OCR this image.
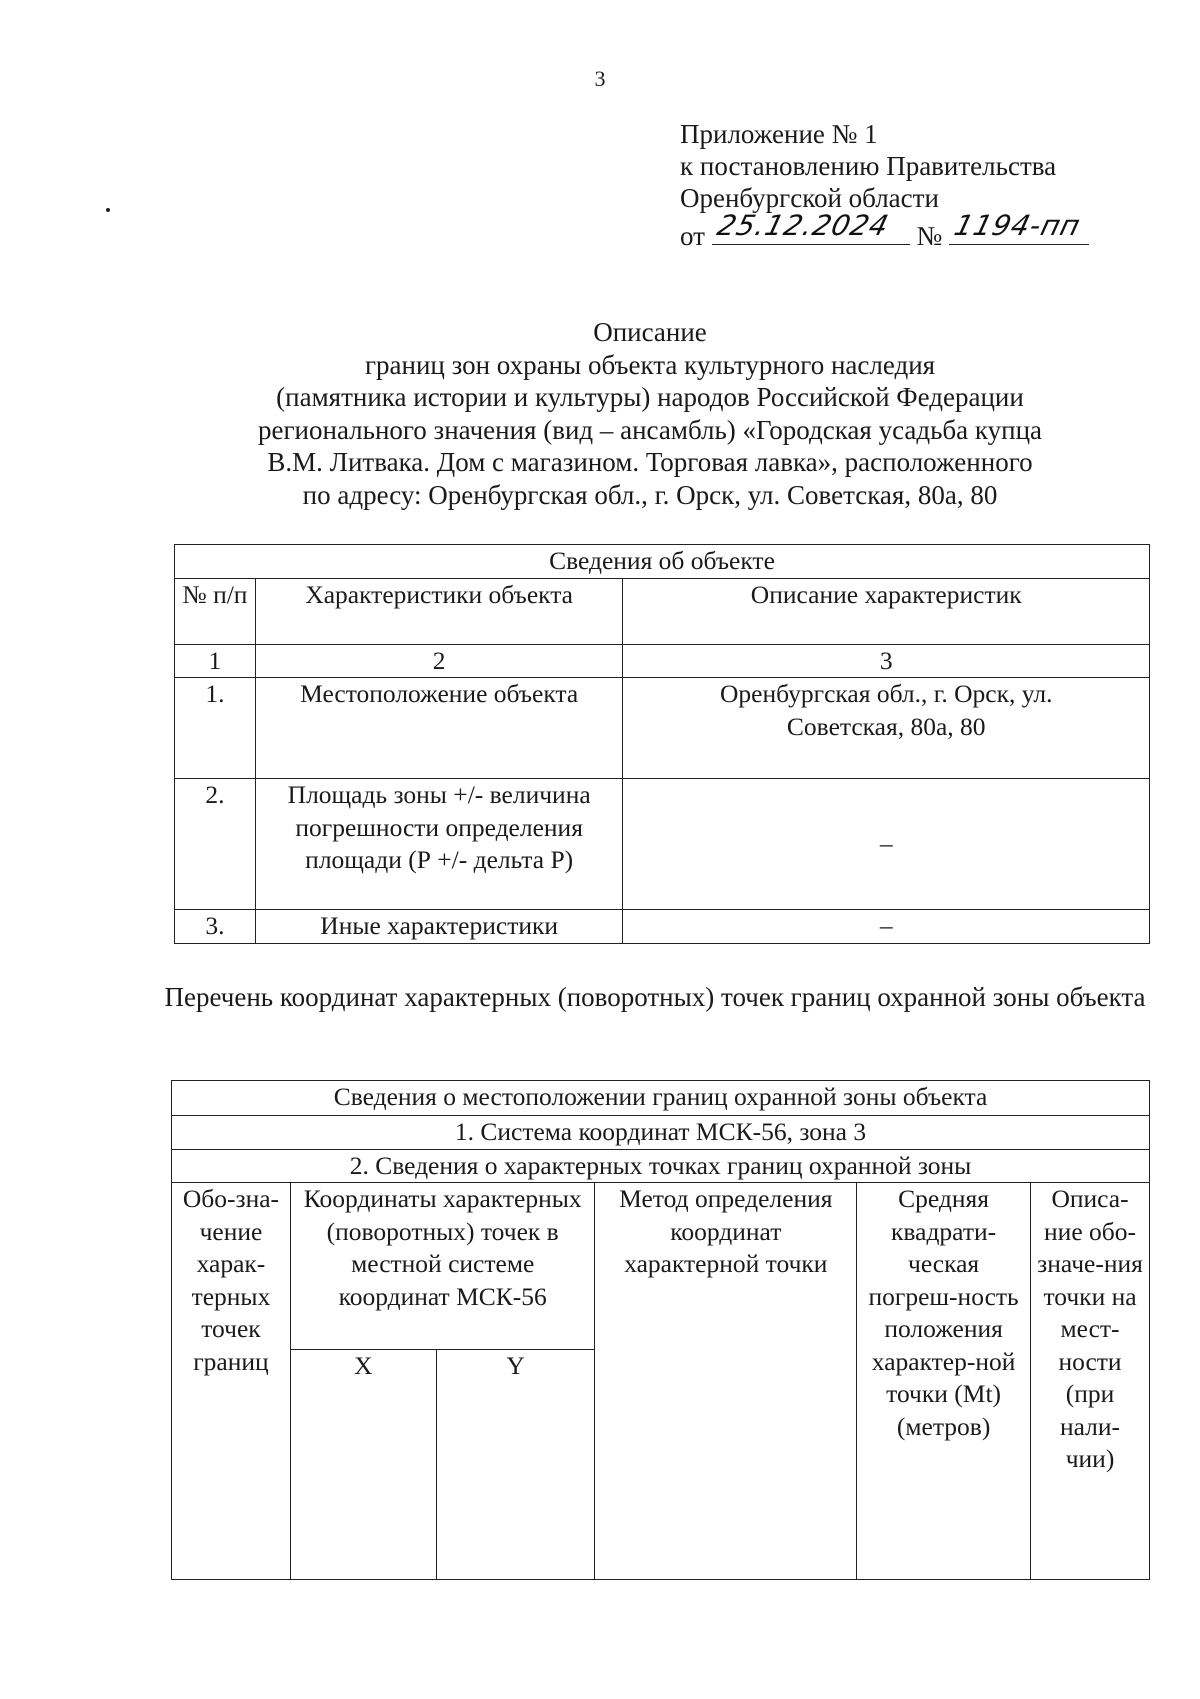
3
Приложение № 1
к постановлению Правительства
Оренбургской области
от 25.12.2024 № 1194-пп
Описание
границ зон охраны объекта культурного наследия
(памятника истории и культуры) народов Российской Федерации
регионального значения (вид – ансамбль) «Городская усадьба купца
В.М. Литвака. Дом с магазином. Торговая лавка», расположенного
по адресу: Оренбургская обл., г. Орск, ул. Советская, 80а, 80
Сведения об объекте		
№ п/п	Характеристики объекта	Описание характеристик
1	2	3
1.	Местоположение объекта	Оренбургская обл., г. Орск, ул. Советская, 80а, 80
2.	Площадь зоны +/- величина погрешности определения площади (Р +/- дельта Р)	–
3.	Иные характеристики	–
Перечень координат характерных (поворотных) точек границ охранной зоны объекта
Сведения о местоположении границ охранной зоны объекта					
1. Система координат МСК-56, зона 3					
2. Сведения о характерных точках границ охранной зоны					
Обо-зна-чение харак-терных точек границ	Координаты характерных (поворотных) точек в местной системе координат МСК-56		Метод определения координат характерной точки	Средняя квадрати-ческая погреш-ность положения характер-ной точки (Mt) (метров)	Описа-ние обо-значе-ния точки на мест-ности (при нали-чии)
	X	Y			
